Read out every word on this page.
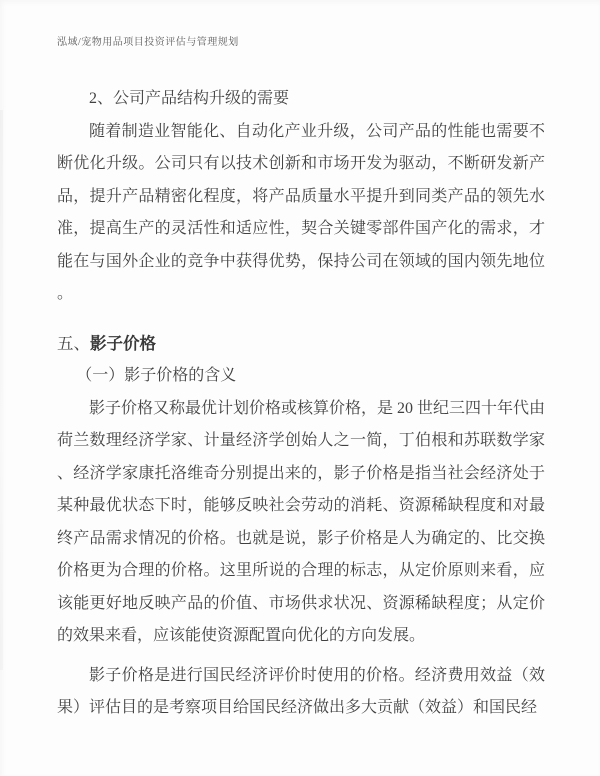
泓域/宠物用品项目投资评估与管理规划
2、公司产品结构升级的需要
随着制造业智能化、自动化产业升级，公司产品的性能也需要不断优化升级。公司只有以技术创新和市场开发为驱动，不断研发新产品，提升产品精密化程度，将产品质量水平提升到同类产品的领先水准，提高生产的灵活性和适应性，契合关键零部件国产化的需求，才能在与国外企业的竞争中获得优势，保持公司在领域的国内领先地位。
五、影子价格
（一）影子价格的含义
影子价格又称最优计划价格或核算价格，是 20 世纪三四十年代由荷兰数理经济学家、计量经济学创始人之一简，丁伯根和苏联数学家、经济学家康托洛维奇分别提出来的，影子价格是指当社会经济处于某种最优状态下时，能够反映社会劳动的消耗、资源稀缺程度和对最终产品需求情况的价格。也就是说，影子价格是人为确定的、比交换价格更为合理的价格。这里所说的合理的标志，从定价原则来看，应该能更好地反映产品的价值、市场供求状况、资源稀缺程度；从定价的效果来看，应该能使资源配置向优化的方向发展。
影子价格是进行国民经济评价时使用的价格。经济费用效益（效果）评估目的是考察项目给国民经济做出多大贡献（效益）和国民经
